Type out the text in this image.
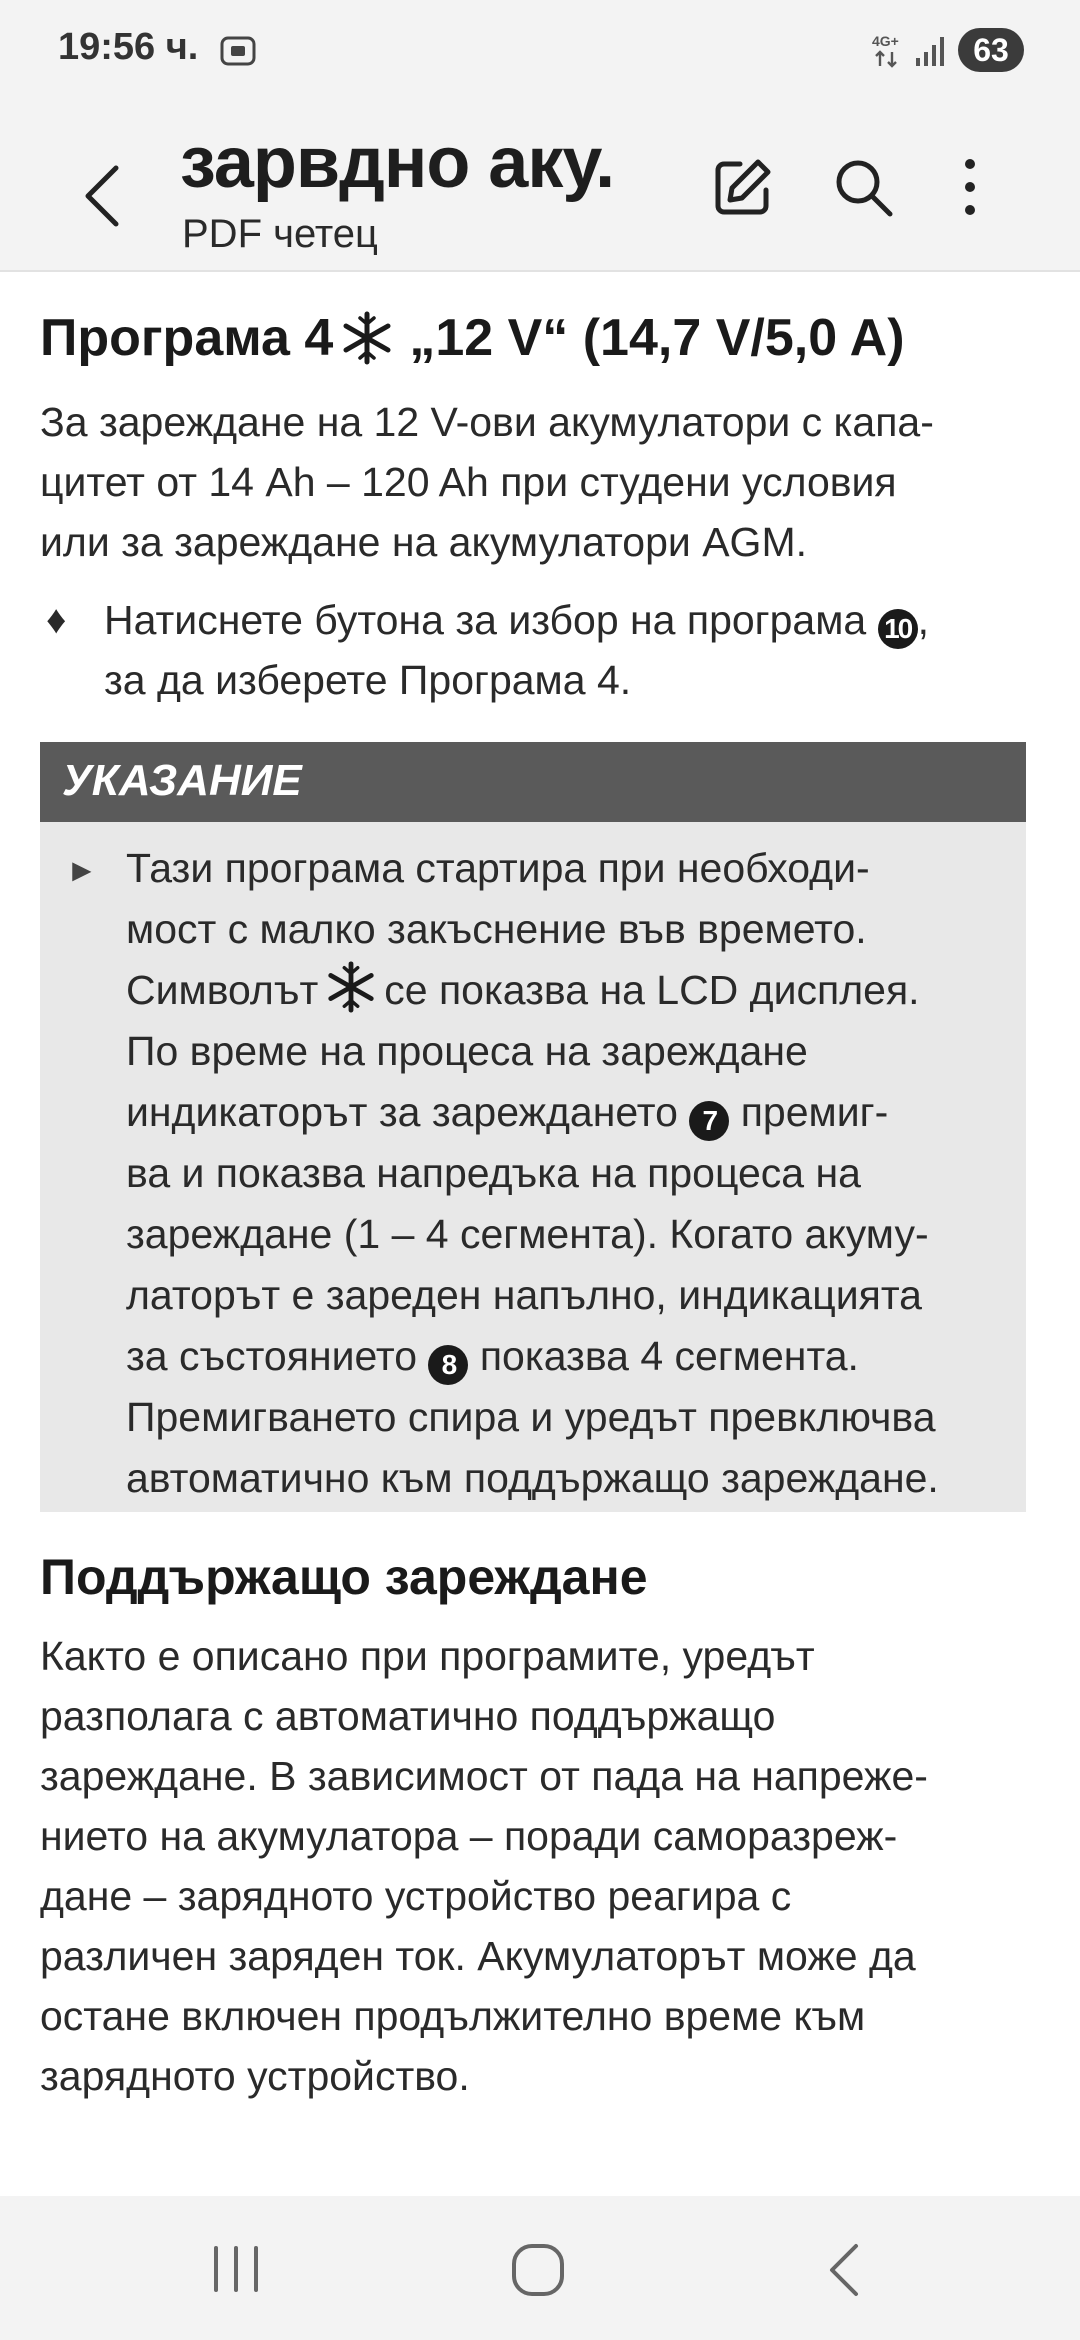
19:56 ч.	4G+	63
зарвдно аку.
PDF четец
Програма 4 „12 V“ (14,7 V/5,0 A)
За зареждане на 12 V-ови акумулатори с капа-
цитет от 14 Ah – 120 Ah при студени условия
или за зареждане на акумулатори AGM.
♦ Натиснете бутона за избор на програма 10 ,
за да изберете Програма 4.
УКАЗАНИЕ
► Тази програма стартира при необходи-
мост с малко закъснение във времето.
Символът се показва на LCD дисплея.
По време на процеса на зареждане
индикаторът за зареждането 7 премиг-
ва и показва напредъка на процеса на
зареждане (1 – 4 сегмента). Когато акуму-
латорът е зареден напълно, индикацията
за състоянието 8 показва 4 сегмента.
Премигването спира и уредът превключва
автоматично към поддържащо зареждане.
Поддържащо зареждане
Както е описано при програмите, уредът
разполага с автоматично поддържащо
зареждане. В зависимост от пада на напреже-
нието на акумулатора – поради саморазреж-
дане – зарядното устройство реагира с
различен заряден ток. Акумулаторът може да
остане включен продължително време към
зарядното устройство.
